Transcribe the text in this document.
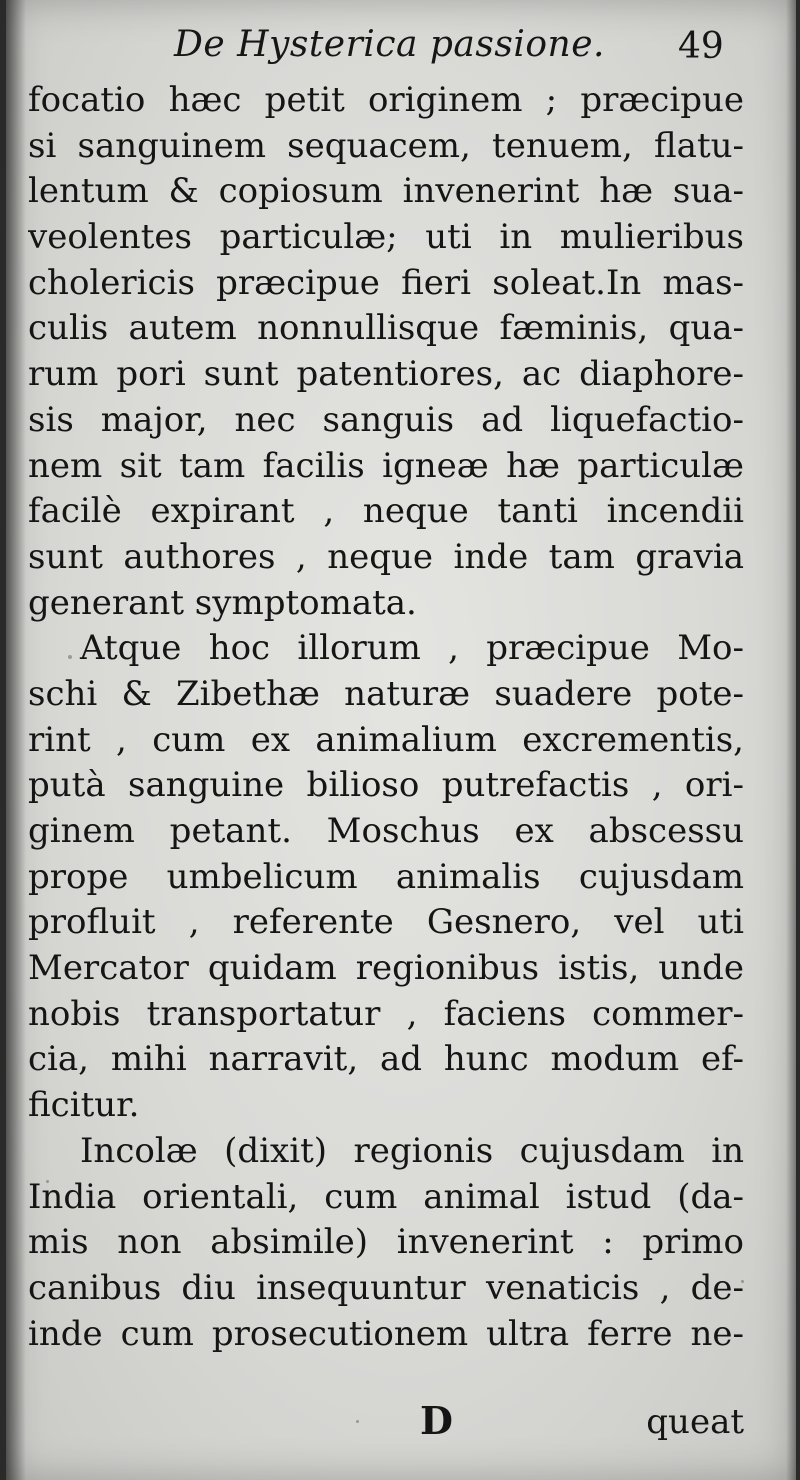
De Hysterica passione. 49
focatio hæc petit originem ; præcipue
si sanguinem sequacem, tenuem, flatu-
lentum & copiosum invenerint hæ sua-
veolentes particulæ; uti in mulieribus
cholericis præcipue fieri soleat.In mas-
culis autem nonnullisque fæminis, qua-
rum pori sunt patentiores, ac diaphore-
sis major, nec sanguis ad liquefactio-
nem sit tam facilis igneæ hæ particulæ
facilè expirant , neque tanti incendii
sunt authores , neque inde tam gravia
generant symptomata.
Atque hoc illorum , præcipue Mo-
schi & Zibethæ naturæ suadere pote-
rint , cum ex animalium excrementis,
putà sanguine bilioso putrefactis , ori-
ginem petant. Moschus ex abscessu
prope umbelicum animalis cujusdam
profluit , referente Gesnero, vel uti
Mercator quidam regionibus istis, unde
nobis transportatur , faciens commer-
cia, mihi narravit, ad hunc modum ef-
ficitur.
Incolæ (dixit) regionis cujusdam in
India orientali, cum animal istud (da-
mis non absimile) invenerint : primo
canibus diu insequuntur venaticis , de-
inde cum prosecutionem ultra ferre ne-
D	queat
